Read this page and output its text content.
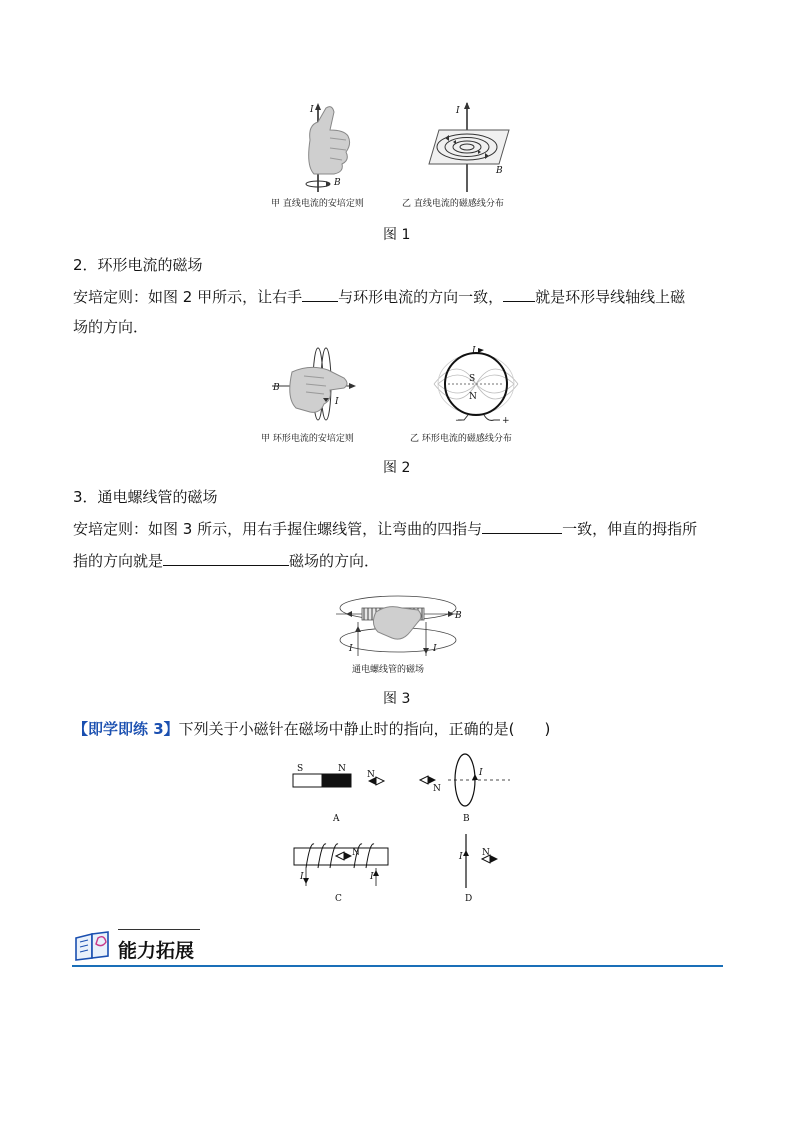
I
B
I
B
甲 直线电流的安培定则	乙 直线电流的磁感线分布
图 1
2．环形电流的磁场
安培定则：如图 2 甲所示，让右手 与环形电流的方向一致， 就是环形导线轴线上磁
场的方向．
B
I
I
S
N
−	+
甲 环形电流的安培定则	乙 环形电流的磁感线分布
图 2
3．通电螺线管的磁场
安培定则：如图 3 所示，用右手握住螺线管，让弯曲的四指与	一致，伸直的拇指所
指的方向就是	磁场的方向．
B
I	I
通电螺线管的磁场
图 3
【即学即练 3】下列关于小磁针在磁场中静止时的指向，正确的是(　　)
S	N
N
A
N
I
B
N
I	I
C
I N
D
能力拓展
